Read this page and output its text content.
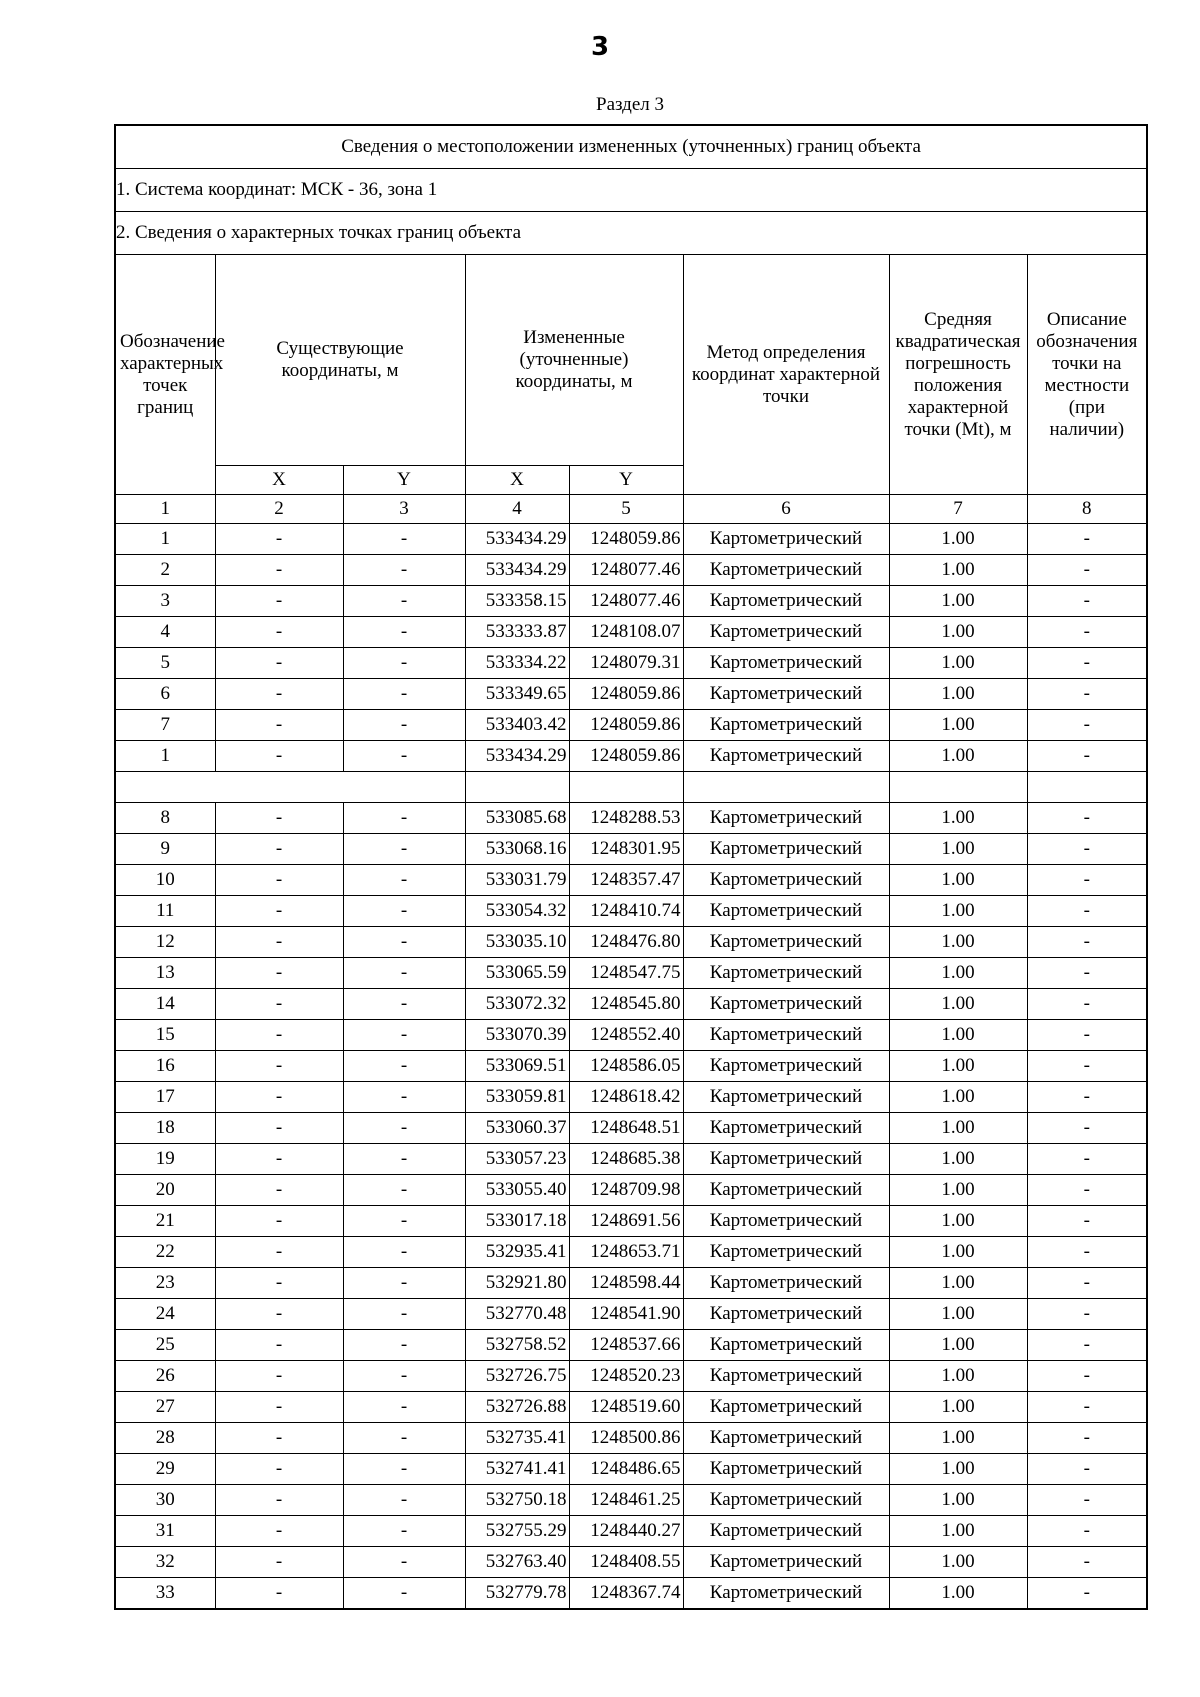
3
Раздел 3
Сведения о местоположении измененных (уточненных) границ объекта							
1. Система координат: МСК - 36, зона 1							
2. Сведения о характерных точках границ объекта							
Обозначение характерных точек границ	Существующие координаты, м		Измененные (уточненные) координаты, м		Метод определения координат характерной точки	Средняя квадратическая погрешность положения характерной точки (Mt), м	Описание обозначения точки на местности (при наличии)
	X	Y	X	Y			
1	2	3	4	5	6	7	8
1	-	-	533434.29	1248059.86	Картометрический	1.00	-
2	-	-	533434.29	1248077.46	Картометрический	1.00	-
3	-	-	533358.15	1248077.46	Картометрический	1.00	-
4	-	-	533333.87	1248108.07	Картометрический	1.00	-
5	-	-	533334.22	1248079.31	Картометрический	1.00	-
6	-	-	533349.65	1248059.86	Картометрический	1.00	-
7	-	-	533403.42	1248059.86	Картометрический	1.00	-
1	-	-	533434.29	1248059.86	Картометрический	1.00	-

8	-	-	533085.68	1248288.53	Картометрический	1.00	-
9	-	-	533068.16	1248301.95	Картометрический	1.00	-
10	-	-	533031.79	1248357.47	Картометрический	1.00	-
11	-	-	533054.32	1248410.74	Картометрический	1.00	-
12	-	-	533035.10	1248476.80	Картометрический	1.00	-
13	-	-	533065.59	1248547.75	Картометрический	1.00	-
14	-	-	533072.32	1248545.80	Картометрический	1.00	-
15	-	-	533070.39	1248552.40	Картометрический	1.00	-
16	-	-	533069.51	1248586.05	Картометрический	1.00	-
17	-	-	533059.81	1248618.42	Картометрический	1.00	-
18	-	-	533060.37	1248648.51	Картометрический	1.00	-
19	-	-	533057.23	1248685.38	Картометрический	1.00	-
20	-	-	533055.40	1248709.98	Картометрический	1.00	-
21	-	-	533017.18	1248691.56	Картометрический	1.00	-
22	-	-	532935.41	1248653.71	Картометрический	1.00	-
23	-	-	532921.80	1248598.44	Картометрический	1.00	-
24	-	-	532770.48	1248541.90	Картометрический	1.00	-
25	-	-	532758.52	1248537.66	Картометрический	1.00	-
26	-	-	532726.75	1248520.23	Картометрический	1.00	-
27	-	-	532726.88	1248519.60	Картометрический	1.00	-
28	-	-	532735.41	1248500.86	Картометрический	1.00	-
29	-	-	532741.41	1248486.65	Картометрический	1.00	-
30	-	-	532750.18	1248461.25	Картометрический	1.00	-
31	-	-	532755.29	1248440.27	Картометрический	1.00	-
32	-	-	532763.40	1248408.55	Картометрический	1.00	-
33	-	-	532779.78	1248367.74	Картометрический	1.00	-
